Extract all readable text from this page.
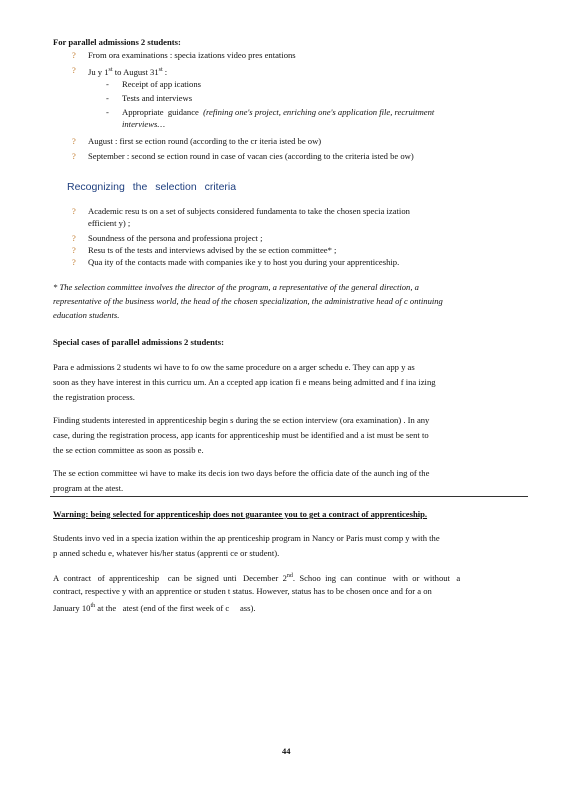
For parallel admissions 2 students:
? From ora examinations : specia izations video pres entations
? Ju y 1st to August 31st :
- Receipt of app ications
- Tests and interviews
- Appropriate  guidance  (refining one's project, enriching one's application file, recruitment
interviews…
? August : first se ection round (according to the cr iteria isted be ow)
? September : second se ection round in case of vacan cies (according to the criteria isted be ow)
Recognizing the selection criteria
? Academic resu ts on a set of subjects considered fundamenta to take the chosen specia ization
efficient y) ;
? Soundness of the persona and professiona project ;
? Resu ts of the tests and interviews advised by the se ection committee* ;
? Qua ity of the contacts made with companies ike y to host you during your apprenticeship.
* The selection committee involves the director of the program, a representative of the general direction, a
representative of the business world, the head of the chosen specialization, the administrative head of c ontinuing
education students.
Special cases of parallel admissions 2 students:
Para e admissions 2 students wi have to fo ow the same procedure on a arger schedu e. They can app y as
soon as they have interest in this curricu um. An a ccepted app ication fi e means being admitted and f ina izing
the registration process.
Finding students interested in apprenticeship begin s during the se ection interview (ora examination) . In any
case, during the registration process, app icants for apprenticeship must be identified and a ist must be sent to
the se ection committee as soon as possib e.
The se ection committee wi have to make its decis ion two days before the officia date of the aunch ing of the
program at the atest.
Warning: being selected for apprenticeship does not guarantee you to get a contract of apprenticeship.
Students invo ved in a specia ization within the ap prenticeship program in Nancy or Paris must comp y with the
p anned schedu e, whatever his/her status (apprenti ce or student).
A  contract   of  apprenticeship    can  be  signed  unti   December  2nd.  Schoo  ing  can  continue   with  or  without   a
contract, respective y with an apprentice or studen t status. However, status has to be chosen once and for a on
January 10th at the   atest (end of the first week of c     ass).
44
